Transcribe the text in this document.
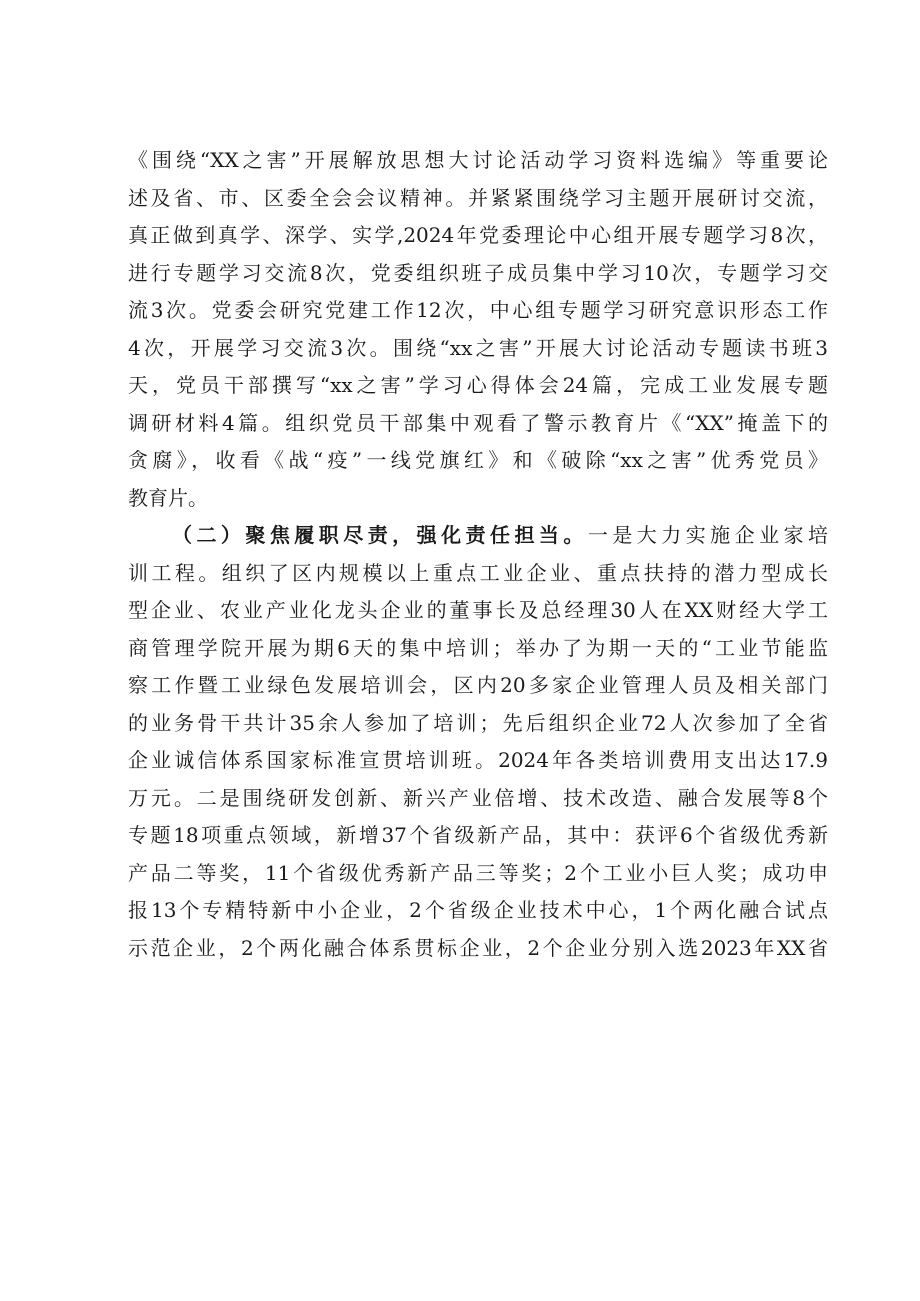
《围绕“XX之害”开展解放思想大讨论活动学习资料选编》等重要论
述及省、市、区委全会会议精神。并紧紧围绕学习主题开展研讨交流，
真正做到真学、深学、实学,2024年党委理论中心组开展专题学习8次，
进行专题学习交流8次，党委组织班子成员集中学习10次，专题学习交
流3次。党委会研究党建工作12次，中心组专题学习研究意识形态工作
4次，开展学习交流3次。围绕“xx之害”开展大讨论活动专题读书班3
天，党员干部撰写“xx之害”学习心得体会24篇，完成工业发展专题
调研材料4篇。组织党员干部集中观看了警示教育片《“XX”掩盖下的
贪腐》，收看《战“疫”一线党旗红》和《破除“xx之害”优秀党员》
教育片。
（二）聚焦履职尽责，强化责任担当。一是大力实施企业家培
训工程。组织了区内规模以上重点工业企业、重点扶持的潜力型成长
型企业、农业产业化龙头企业的董事长及总经理30人在XX财经大学工
商管理学院开展为期6天的集中培训；举办了为期一天的“工业节能监
察工作暨工业绿色发展培训会，区内20多家企业管理人员及相关部门
的业务骨干共计35余人参加了培训；先后组织企业72人次参加了全省
企业诚信体系国家标准宣贯培训班。2024年各类培训费用支出达17.9
万元。二是围绕研发创新、新兴产业倍增、技术改造、融合发展等8个
专题18项重点领域，新增37个省级新产品，其中：获评6个省级优秀新
产品二等奖，11个省级优秀新产品三等奖；2个工业小巨人奖；成功申
报13个专精特新中小企业，2个省级企业技术中心，1个两化融合试点
示范企业，2个两化融合体系贯标企业，2个企业分别入选2023年XX省
